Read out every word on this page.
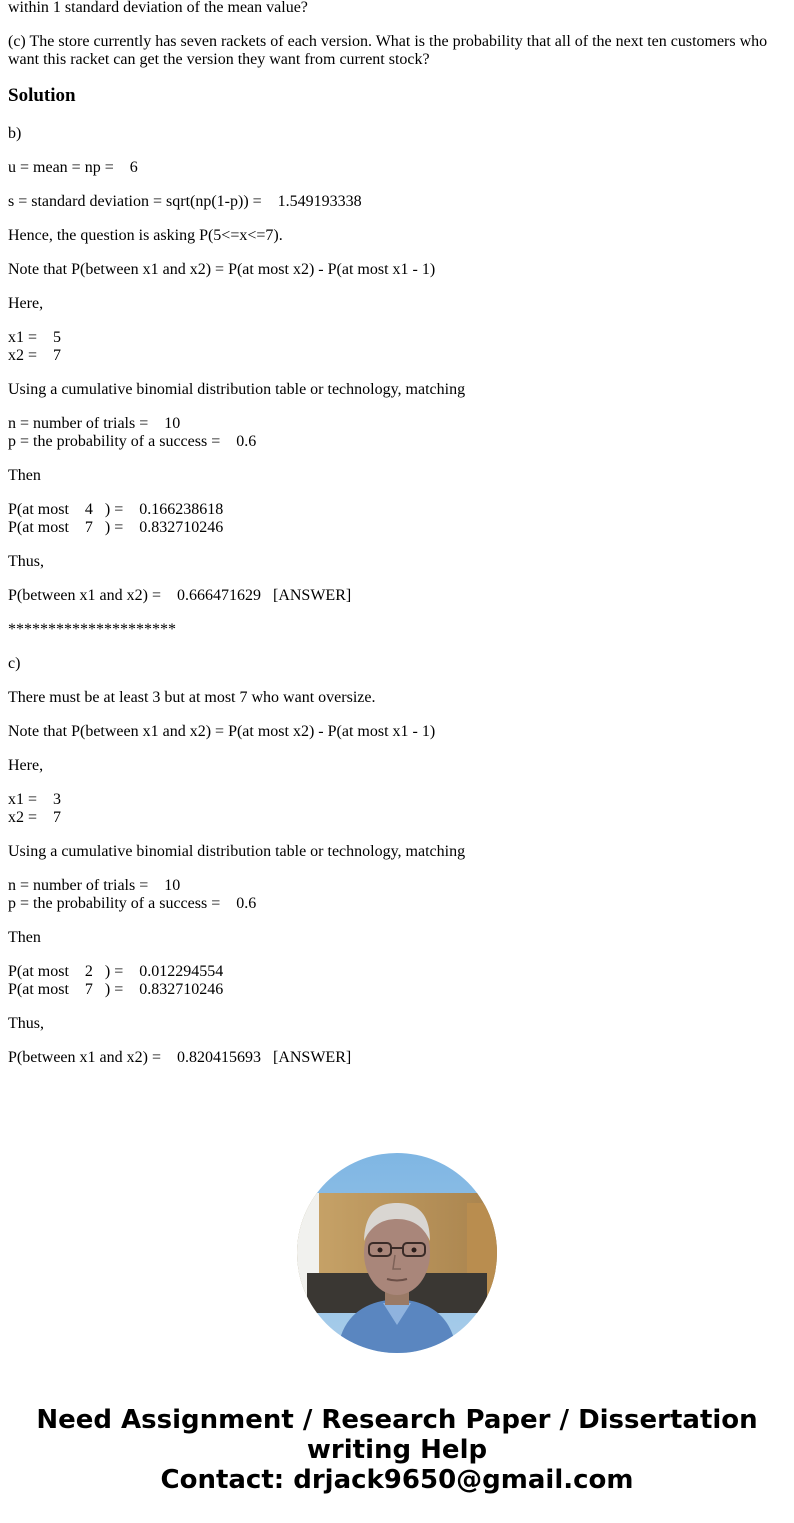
within 1 standard deviation of the mean value?

(c) The store currently has seven rackets of each version. What is the probability that all of the next ten customers who want this racket can get the version they want from current stock?

Solution

b)

u = mean = np =    6

s = standard deviation = sqrt(np(1-p)) =    1.549193338

Hence, the question is asking P(5<=x<=7).

Note that P(between x1 and x2) = P(at most x2) - P(at most x1 - 1)

Here,

x1 =    5
x2 =    7

Using a cumulative binomial distribution table or technology, matching

n = number of trials =    10
p = the probability of a success =    0.6

Then

P(at most    4   ) =    0.166238618
P(at most    7   ) =    0.832710246

Thus,

P(between x1 and x2) =    0.666471629   [ANSWER]

*********************

c)

There must be at least 3 but at most 7 who want oversize.

Note that P(between x1 and x2) = P(at most x2) - P(at most x1 - 1)

Here,

x1 =    3
x2 =    7

Using a cumulative binomial distribution table or technology, matching

n = number of trials =    10
p = the probability of a success =    0.6

Then

P(at most    2   ) =    0.012294554
P(at most    7   ) =    0.832710246

Thus,

P(between x1 and x2) =    0.820415693   [ANSWER]

Need Assignment / Research Paper / Dissertation
writing Help
Contact: drjack9650@gmail.com
